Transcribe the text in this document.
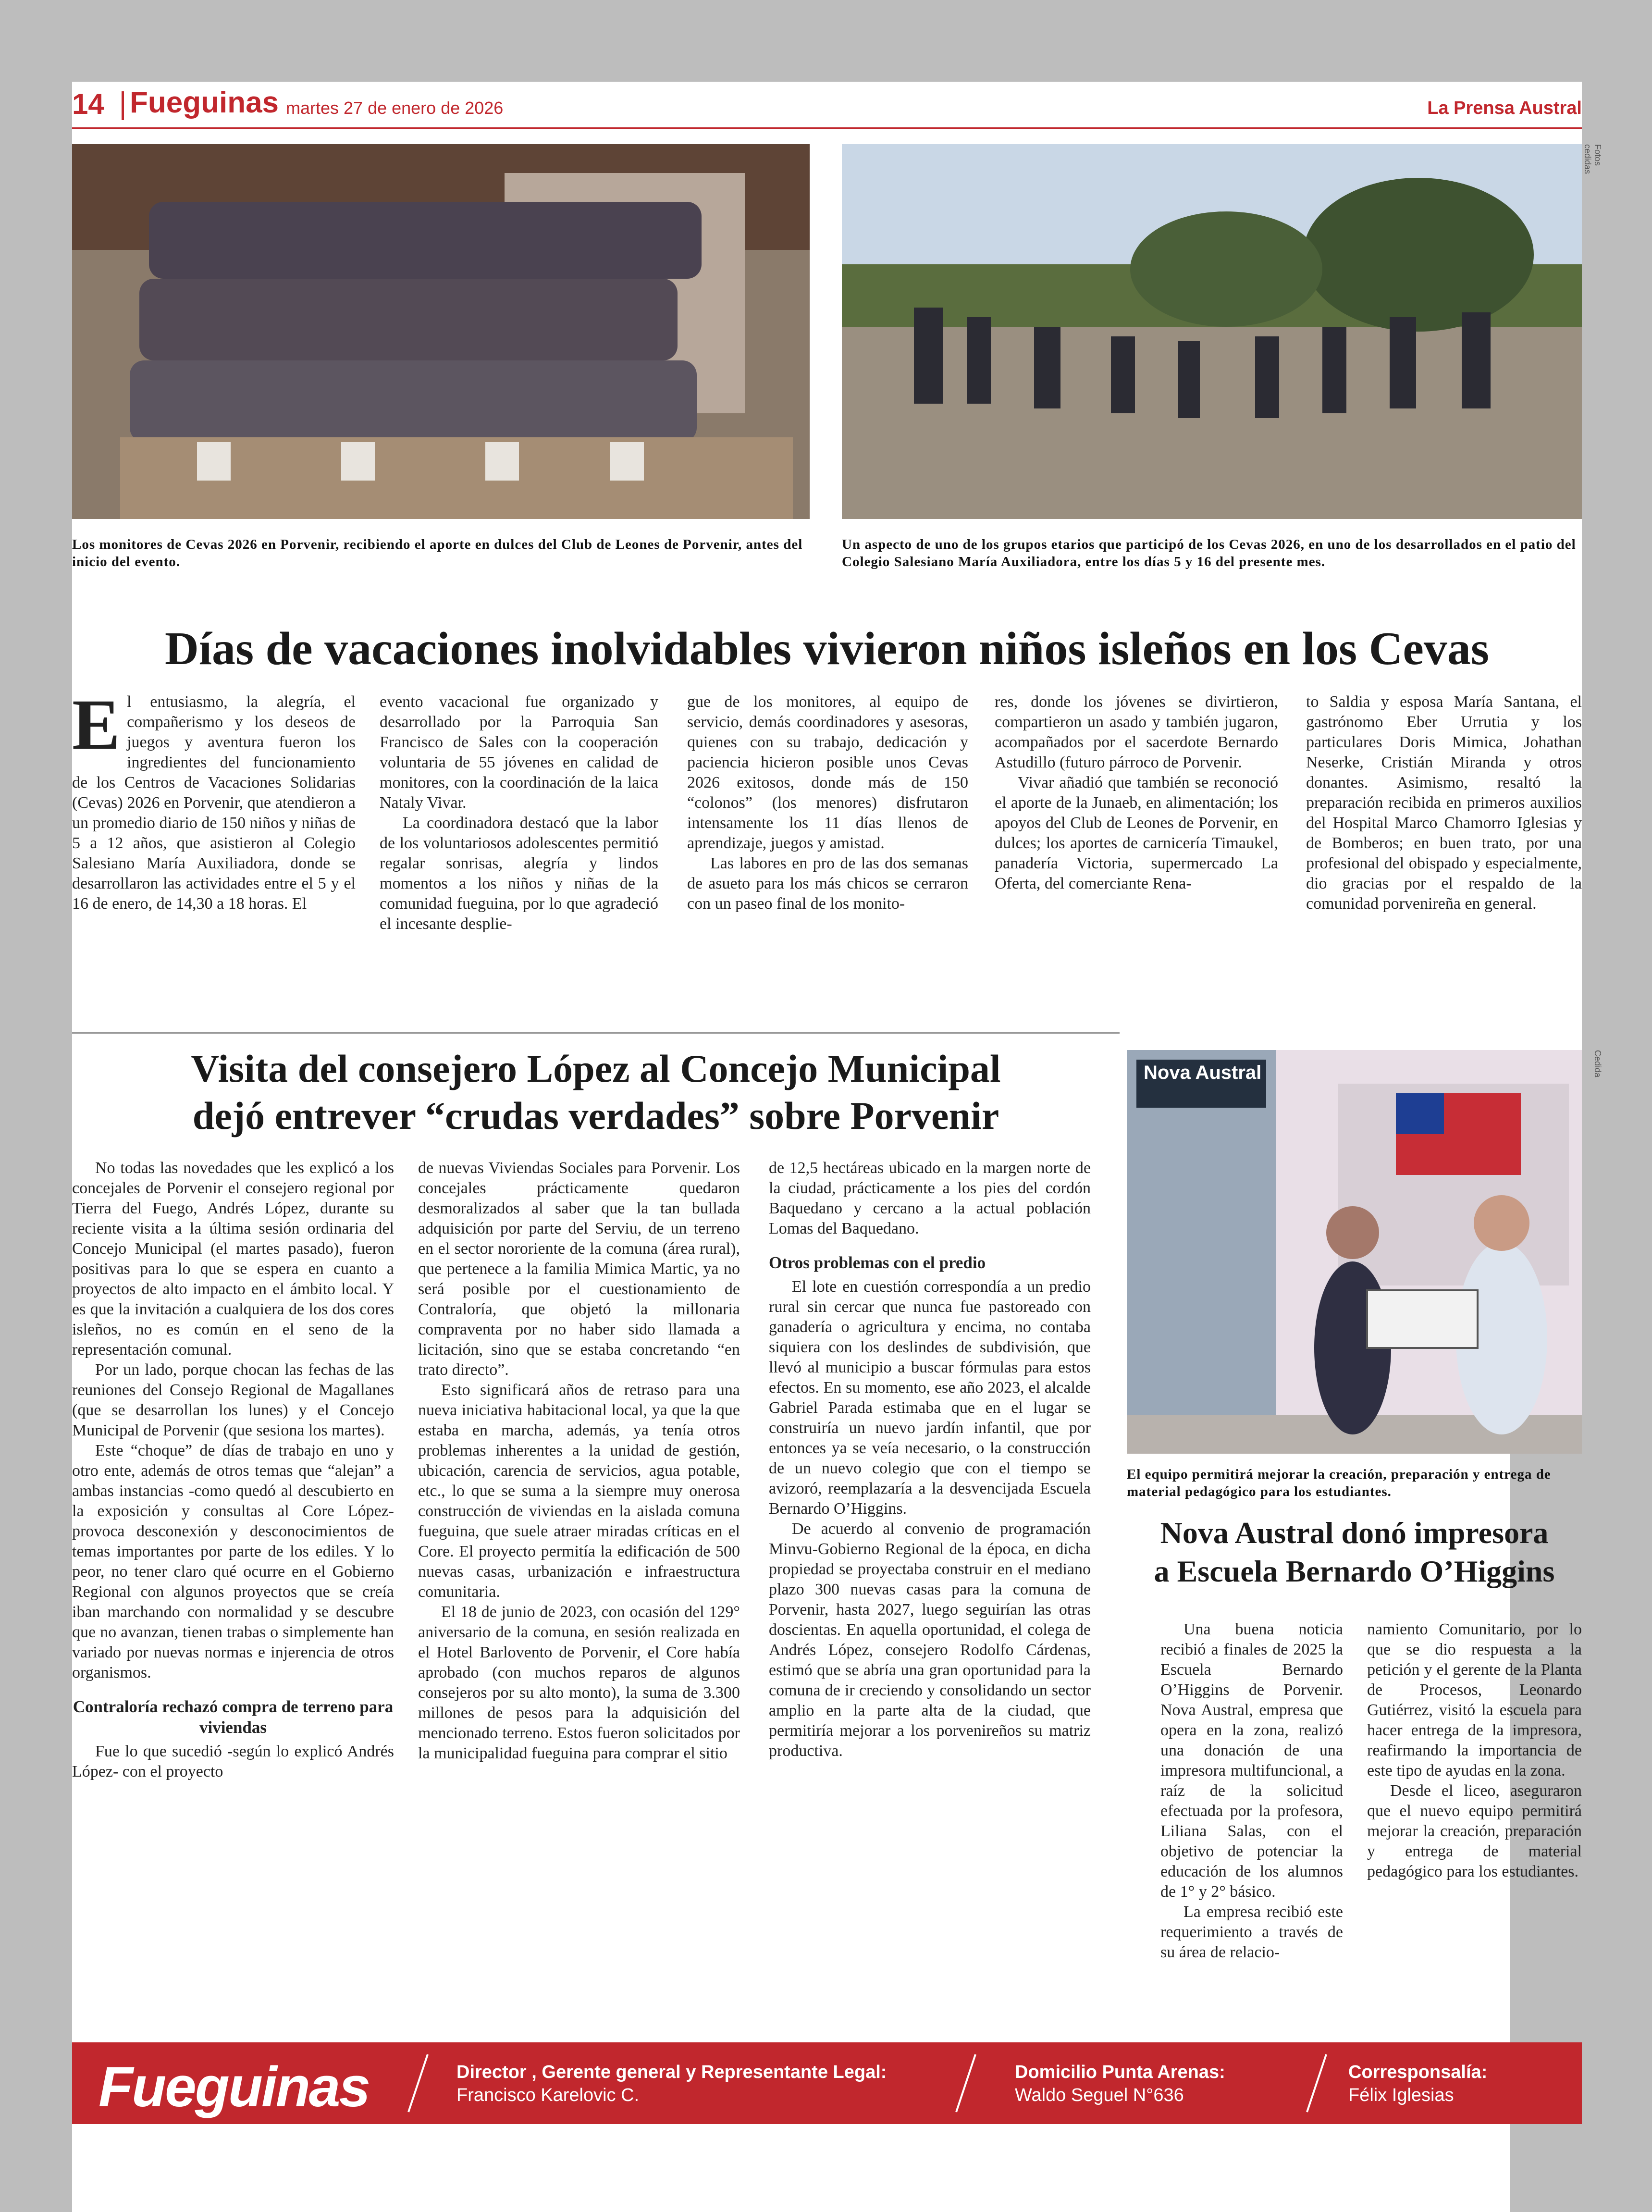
14 Fueguinas martes 27 de enero de 2026	La Prensa Austral
Fotos cedidas
Los monitores de Cevas 2026 en Porvenir, recibiendo el aporte en dulces del Club de Leones de Porvenir, antes del inicio del evento.
Un aspecto de uno de los grupos etarios que participó de los Cevas 2026, en uno de los desarrollados en el patio del Colegio Salesiano María Auxiliadora, entre los días 5 y 16 del presente mes.
Días de vacaciones inolvidables vivieron niños isleños en los Cevas
El entusiasmo, la alegría, el compañerismo y los deseos de juegos y aventura fueron los ingredientes del funcionamiento de los Centros de Vacaciones Solidarias (Cevas) 2026 en Porvenir, que atendieron a un promedio diario de 150 niños y niñas de 5 a 12 años, que asistieron al Colegio Salesiano María Auxiliadora, donde se desarrollaron las actividades entre el 5 y el 16 de enero, de 14,30 a 18 horas. El

evento vacacional fue organizado y desarrollado por la Parroquia San Francisco de Sales con la cooperación voluntaria de 55 jóvenes en calidad de monitores, con la coordinación de la laica Nataly Vivar.

La coordinadora destacó que la labor de los voluntariosos adolescentes permitió regalar sonrisas, alegría y lindos momentos a los niños y niñas de la comunidad fueguina, por lo que agradeció el incesante desplie-

gue de los monitores, al equipo de servicio, demás coordinadores y asesoras, quienes con su trabajo, dedicación y paciencia hicieron posible unos Cevas 2026 exitosos, donde más de 150 “colonos” (los menores) disfrutaron intensamente los 11 días llenos de aprendizaje, juegos y amistad.

Las labores en pro de las dos semanas de asueto para los más chicos se cerraron con un paseo final de los monito-

res, donde los jóvenes se divirtieron, compartieron un asado y también jugaron, acompañados por el sacerdote Bernardo Astudillo (futuro párroco de Porvenir.

Vivar añadió que también se reconoció el aporte de la Junaeb, en alimentación; los apoyos del Club de Leones de Porvenir, en dulces; los aportes de carnicería Timaukel, panadería Victoria, supermercado La Oferta, del comerciante Rena-

to Saldia y esposa María Santana, el gastrónomo Eber Urrutia y los particulares Doris Mimica, Johathan Neserke, Cristián Miranda y otros donantes. Asimismo, resaltó la preparación recibida en primeros auxilios del Hospital Marco Chamorro Iglesias y de Bomberos; en buen trato, por una profesional del obispado y especialmente, dio gracias por el respaldo de la comunidad porvenireña en general.

Visita del consejero López al Concejo Municipal
dejó entrever “crudas verdades” sobre Porvenir

No todas las novedades que les explicó a los concejales de Porvenir el consejero regional por Tierra del Fuego, Andrés López, durante su reciente visita a la última sesión ordinaria del Concejo Municipal (el martes pasado), fueron positivas para lo que se espera en cuanto a proyectos de alto impacto en el ámbito local. Y es que la invitación a cualquiera de los dos cores isleños, no es común en el seno de la representación comunal.

Por un lado, porque chocan las fechas de las reuniones del Consejo Regional de Magallanes (que se desarrollan los lunes) y el Concejo Municipal de Porvenir (que sesiona los martes).

Este “choque” de días de trabajo en uno y otro ente, además de otros temas que “alejan” a ambas instancias -como quedó al descubierto en la exposición y consultas al Core López- provoca desconexión y desconocimientos de temas importantes por parte de los ediles. Y lo peor, no tener claro qué ocurre en el Gobierno Regional con algunos proyectos que se creía iban marchando con normalidad y se descubre que no avanzan, tienen trabas o simplemente han variado por nuevas normas e injerencia de otros organismos.

Contraloría rechazó compra de terreno para viviendas

Fue lo que sucedió -según lo explicó Andrés López- con el proyecto

de nuevas Viviendas Sociales para Porvenir. Los concejales prácticamente quedaron desmoralizados al saber que la tan bullada adquisición por parte del Serviu, de un terreno en el sector nororiente de la comuna (área rural), que pertenece a la familia Mimica Martic, ya no será posible por el cuestionamiento de Contraloría, que objetó la millonaria compraventa por no haber sido llamada a licitación, sino que se estaba concretando “en trato directo”.

Esto significará años de retraso para una nueva iniciativa habitacional local, ya que la que estaba en marcha, además, ya tenía otros problemas inherentes a la unidad de gestión, ubicación, carencia de servicios, agua potable, etc., lo que se suma a la siempre muy onerosa construcción de viviendas en la aislada comuna fueguina, que suele atraer miradas críticas en el Core. El proyecto permitía la edificación de 500 nuevas casas, urbanización e infraestructura comunitaria.

El 18 de junio de 2023, con ocasión del 129° aniversario de la comuna, en sesión realizada en el Hotel Barlovento de Porvenir, el Core había aprobado (con muchos reparos de algunos consejeros por su alto monto), la suma de 3.300 millones de pesos para la adquisición del mencionado terreno. Estos fueron solicitados por la municipalidad fueguina para comprar el sitio

de 12,5 hectáreas ubicado en la margen norte de la ciudad, prácticamente a los pies del cordón Baquedano y cercano a la actual población Lomas del Baquedano.

Otros problemas con el predio

El lote en cuestión correspondía a un predio rural sin cercar que nunca fue pastoreado con ganadería o agricultura y encima, no contaba siquiera con los deslindes de subdivisión, que llevó al municipio a buscar fórmulas para estos efectos. En su momento, ese año 2023, el alcalde Gabriel Parada estimaba que en el lugar se construiría un nuevo jardín infantil, que por entonces ya se veía necesario, o la construcción de un nuevo colegio que con el tiempo se avizoró, reemplazaría a la desvencijada Escuela Bernardo O’Higgins.

De acuerdo al convenio de programación Minvu-Gobierno Regional de la época, en dicha propiedad se proyectaba construir en el mediano plazo 300 nuevas casas para la comuna de Porvenir, hasta 2027, luego seguirían las otras doscientas. En aquella oportunidad, el colega de Andrés López, consejero Rodolfo Cárdenas, estimó que se abría una gran oportunidad para la comuna de ir creciendo y consolidando un sector amplio en la parte alta de la ciudad, que permitiría mejorar a los porvenireños su matriz productiva.

Nova Austral	Cedida
El equipo permitirá mejorar la creación, preparación y entrega de material pedagógico para los estudiantes.
Nova Austral donó impresora
a Escuela Bernardo O’Higgins

Una buena noticia recibió a finales de 2025 la Escuela Bernardo O’Higgins de Porvenir. Nova Austral, empresa que opera en la zona, realizó una donación de una impresora multifuncional, a raíz de la solicitud efectuada por la profesora, Liliana Salas, con el objetivo de potenciar la educación de los alumnos de 1° y 2° básico.

La empresa recibió este requerimiento a través de su área de relacio-

namiento Comunitario, por lo que se dio respuesta a la petición y el gerente de la Planta de Procesos, Leonardo Gutiérrez, visitó la escuela para hacer entrega de la impresora, reafirmando la importancia de este tipo de ayudas en la zona.

Desde el liceo, aseguraron que el nuevo equipo permitirá mejorar la creación, preparación y entrega de material pedagógico para los estudiantes.

Fueguinas	Director , Gerente general y Representante Legal:
Francisco Karelovic C.
Domicilio Punta Arenas:
Waldo Seguel N°636
Corresponsalía:
Félix Iglesias
